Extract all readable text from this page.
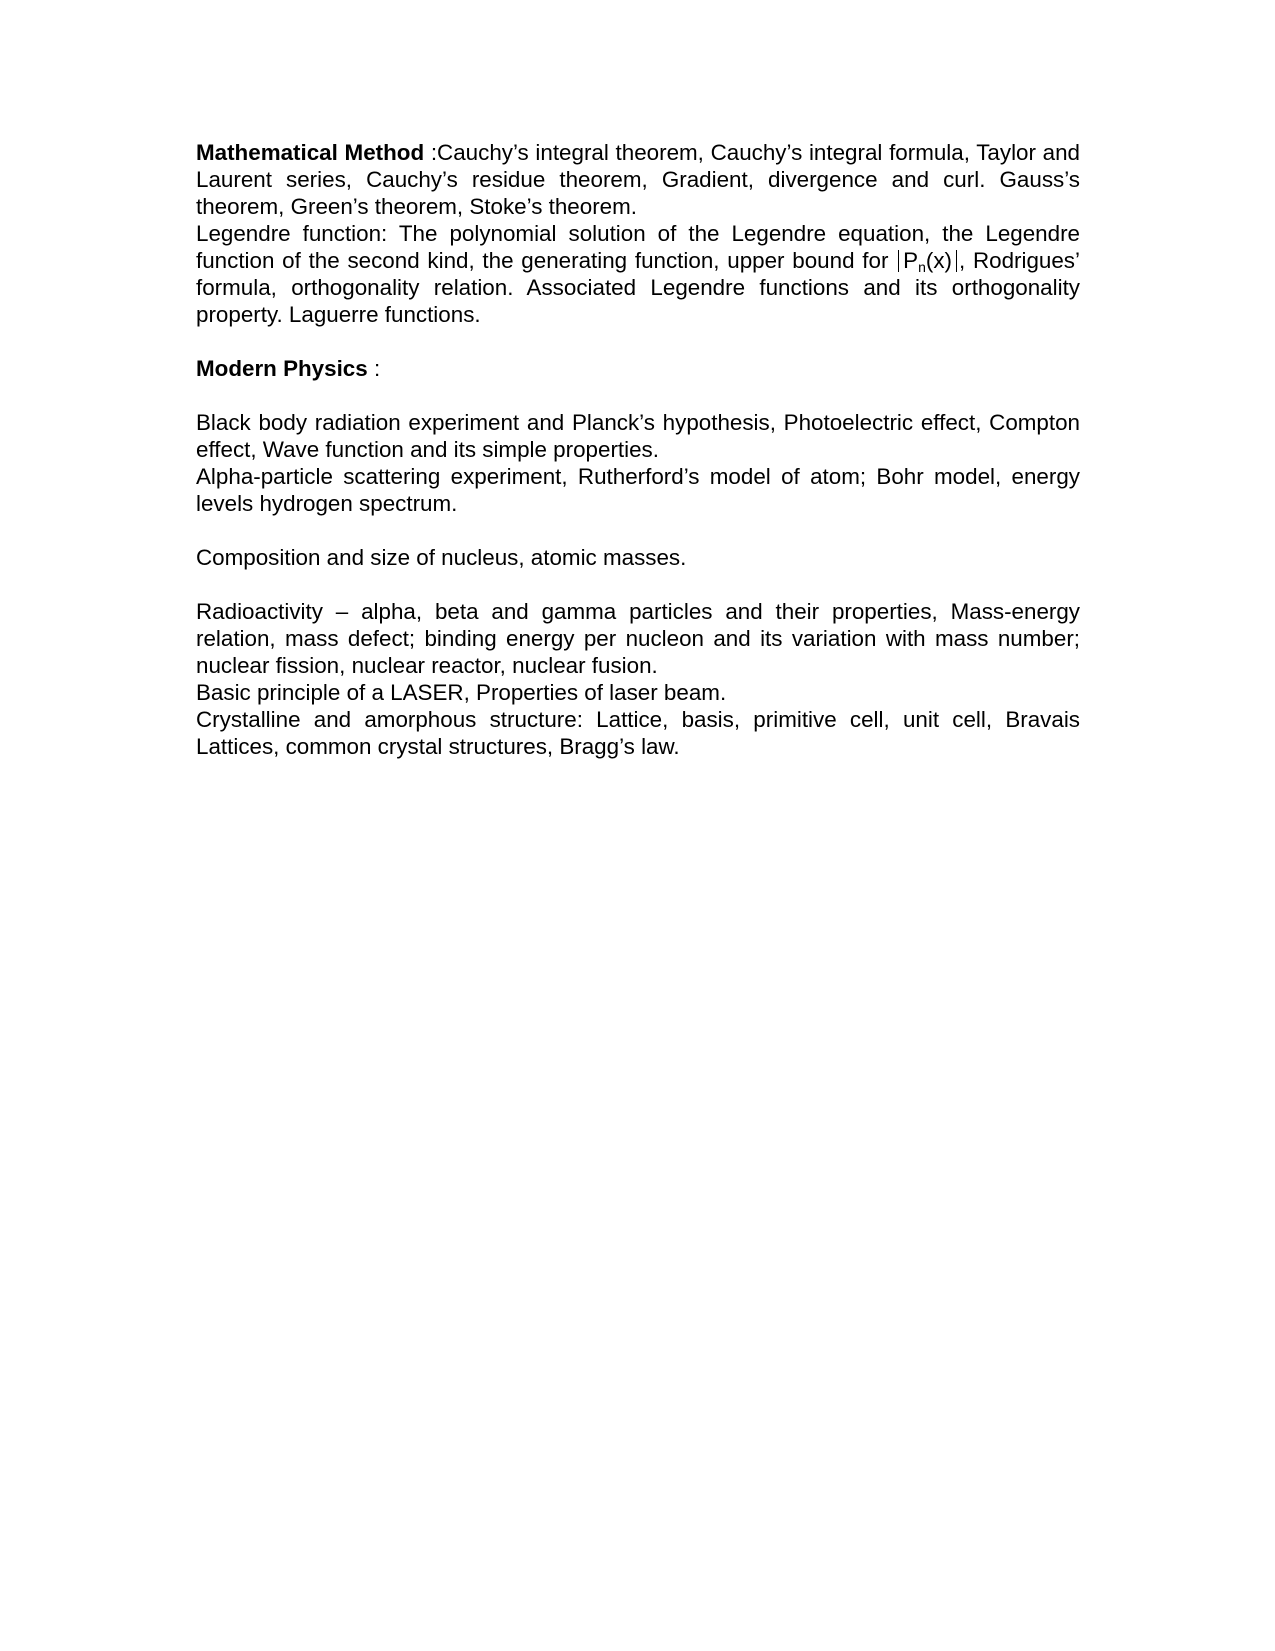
Mathematical Method :Cauchy’s integral theorem, Cauchy’s integral formula, Taylor and Laurent series, Cauchy’s residue theorem, Gradient, divergence and curl. Gauss’s theorem, Green’s theorem, Stoke’s theorem.

Legendre function: The polynomial solution of the Legendre equation, the Legendre function of the second kind, the generating function, upper bound for $P_n(x)$ , Rodrigues’ formula, orthogonality relation. Associated Legendre functions and its orthogonality property. Laguerre functions.

Modern Physics :

Black body radiation experiment and Planck’s hypothesis, Photoelectric effect, Compton effect, Wave function and its simple properties.

Alpha-particle scattering experiment, Rutherford’s model of atom; Bohr model, energy levels hydrogen spectrum.

Composition and size of nucleus, atomic masses.

Radioactivity – alpha, beta and gamma particles and their properties, Mass-energy relation, mass defect; binding energy per nucleon and its variation with mass number; nuclear fission, nuclear reactor, nuclear fusion.

Basic principle of a LASER, Properties of laser beam.

Crystalline and amorphous structure: Lattice, basis, primitive cell, unit cell, Bravais Lattices, common crystal structures, Bragg’s law.
